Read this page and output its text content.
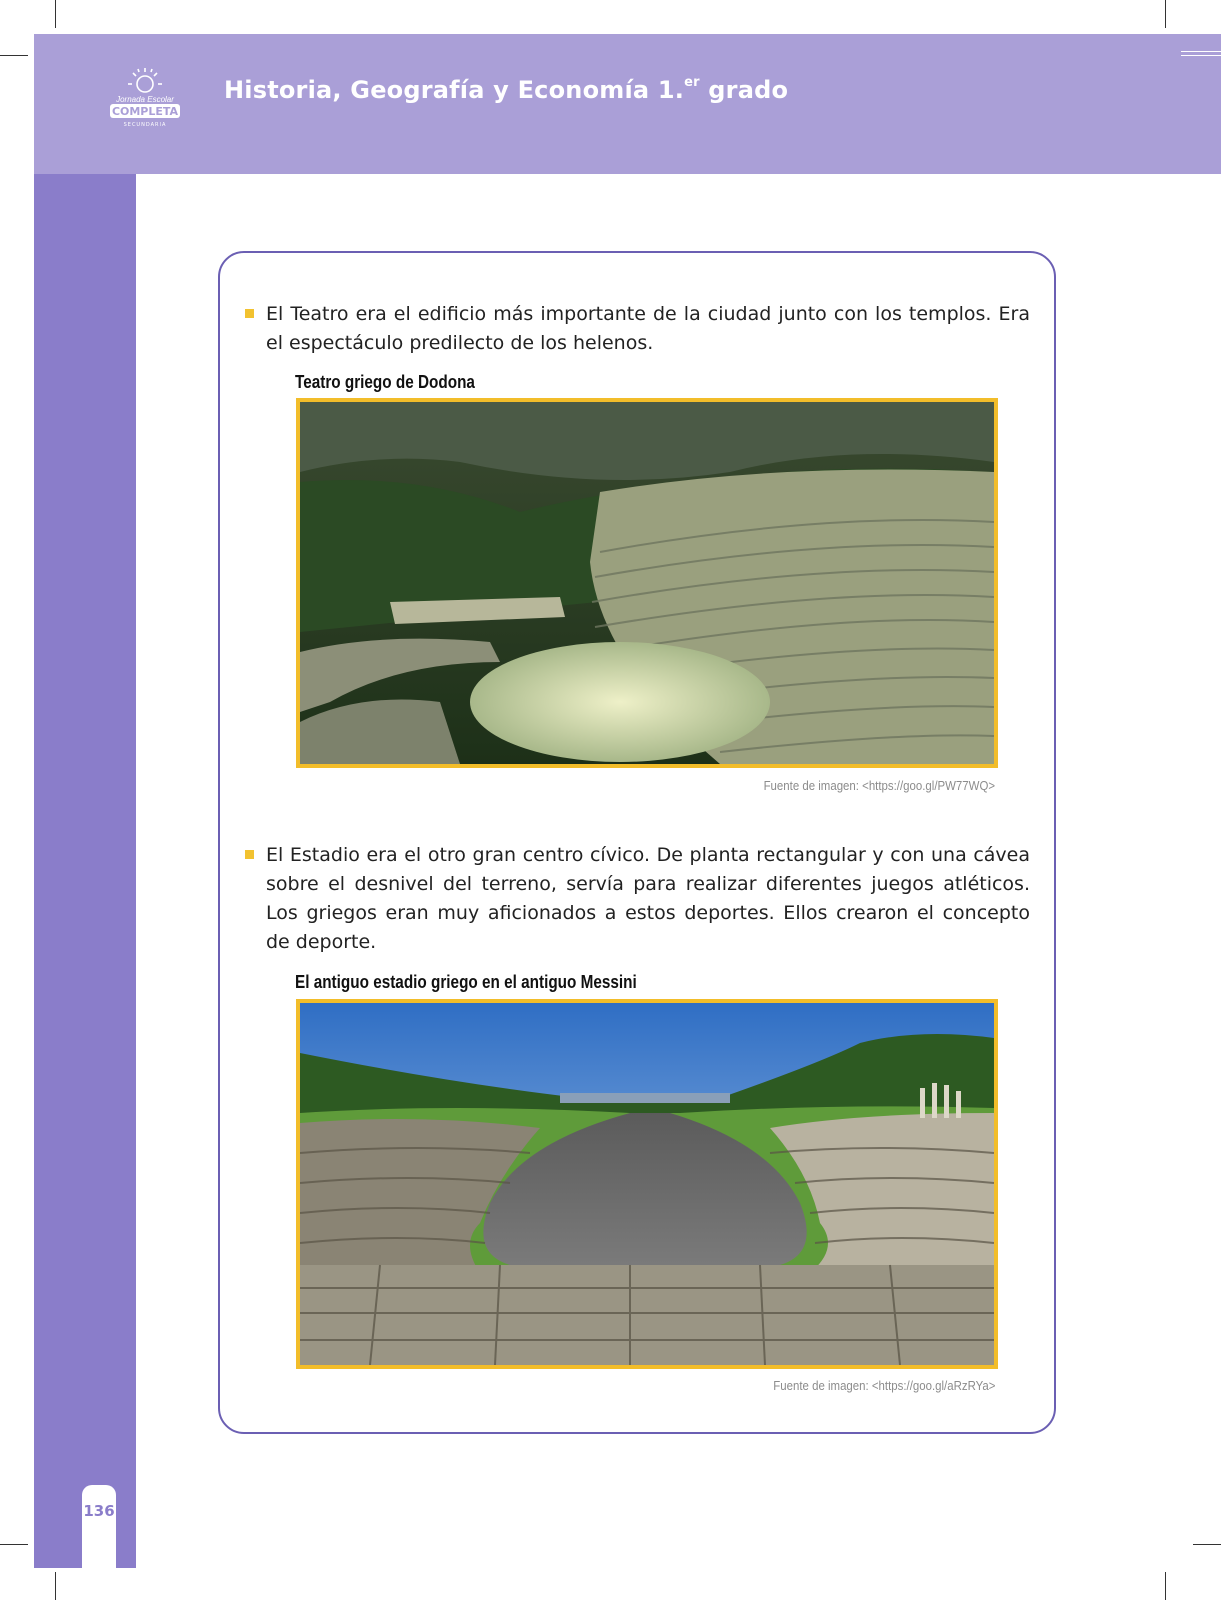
Jornada Escolar
COMPLETA
SECUNDARIA
Historia, Geografía y Economía 1.$^{er}$ grado
136

El Teatro era el edificio más importante de la ciudad junto con los templos. Era el espectáculo predilecto de los helenos.

Teatro griego de Dodona
Fuente de imagen: <https://goo.gl/PW77WQ>

El Estadio era el otro gran centro cívico. De planta rectangular y con una cávea sobre el desnivel del terreno, servía para realizar diferentes juegos atléticos. Los griegos eran muy aficionados a estos deportes. Ellos crearon el concepto de deporte.

El antiguo estadio griego en el antiguo Messini
Fuente de imagen: <https://goo.gl/aRzRYa>
